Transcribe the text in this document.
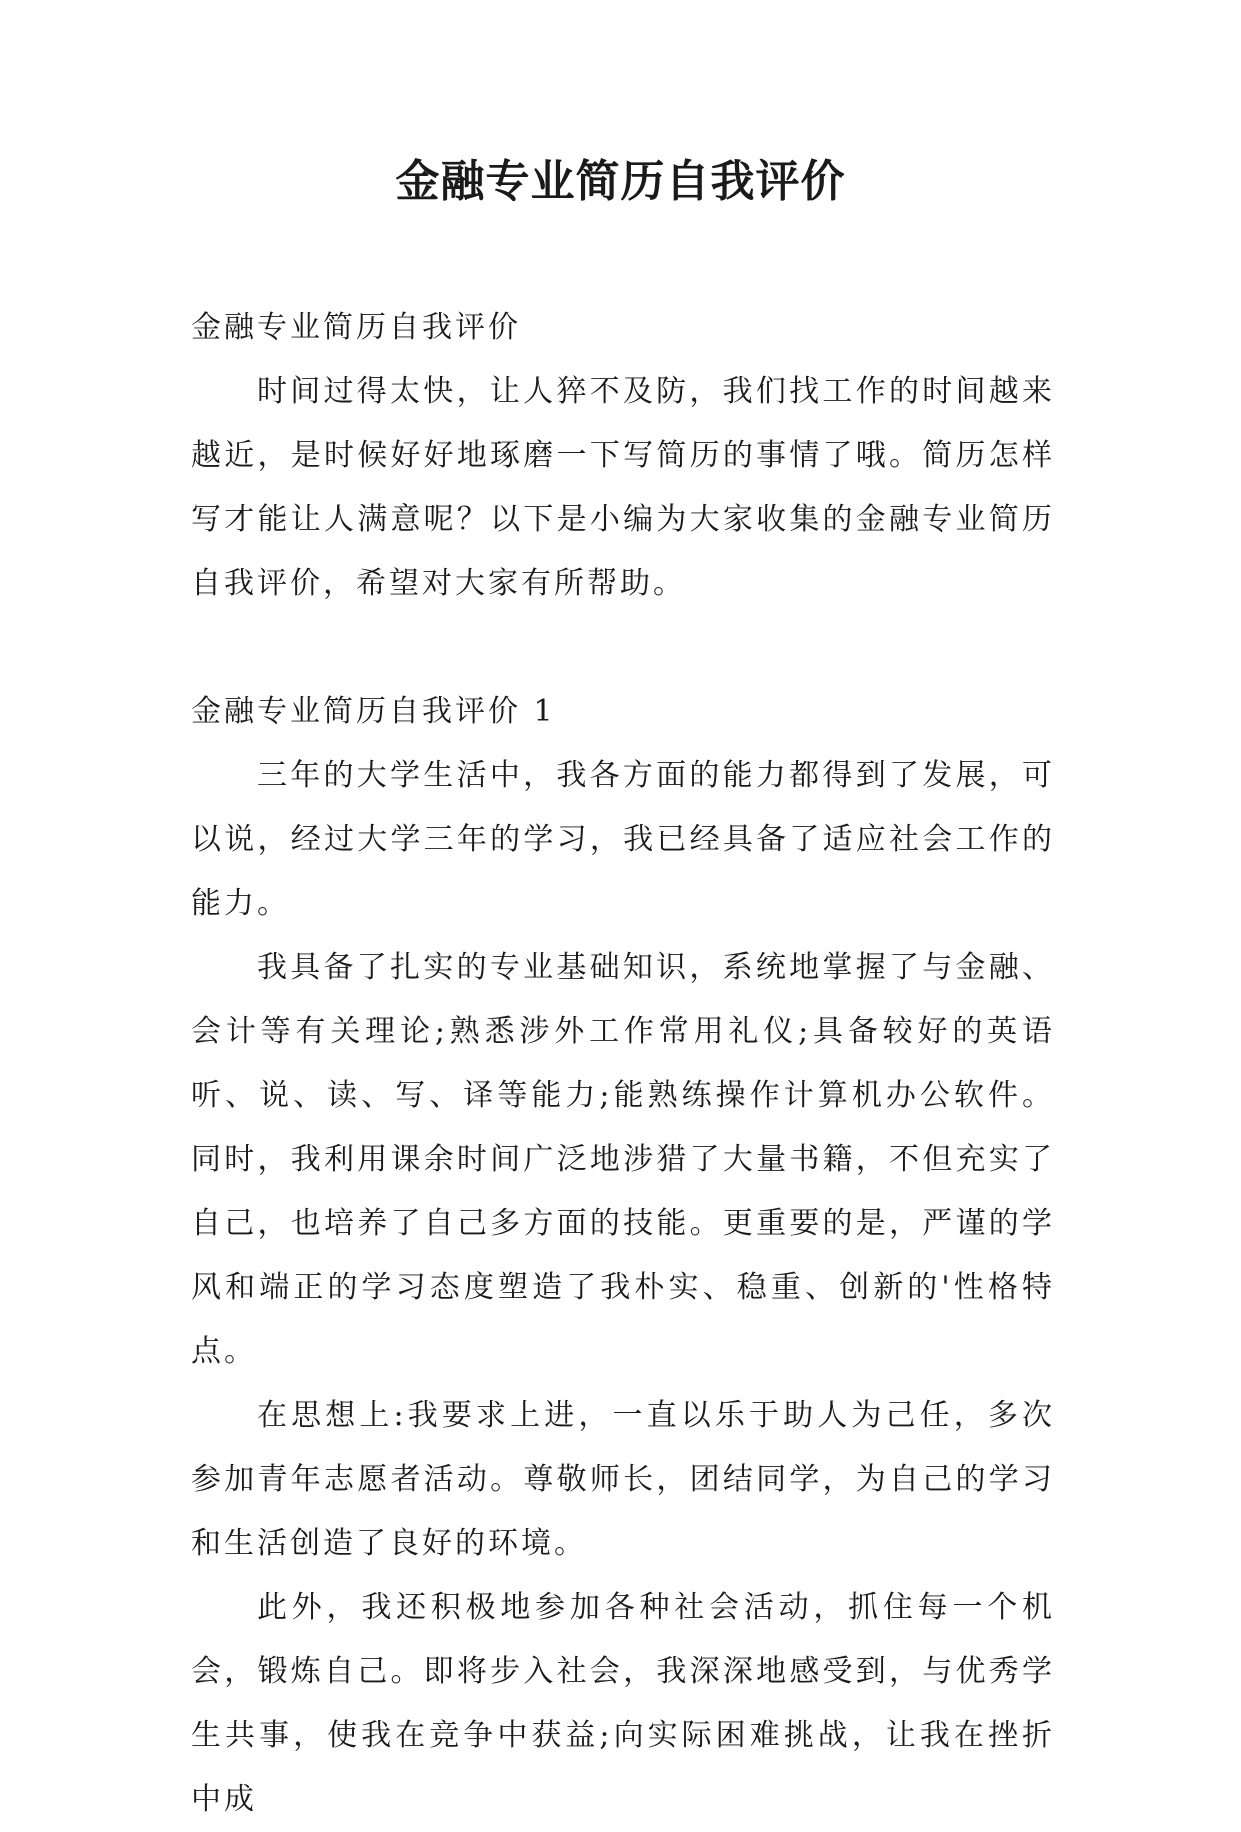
金融专业简历自我评价

金融专业简历自我评价

时间过得太快，让人猝不及防，我们找工作的时间越来越近，是时候好好地琢磨一下写简历的事情了哦。简历怎样写才能让人满意呢？以下是小编为大家收集的金融专业简历自我评价，希望对大家有所帮助。

金融专业简历自我评价 1

三年的大学生活中，我各方面的能力都得到了发展，可以说，经过大学三年的学习，我已经具备了适应社会工作的能力。

我具备了扎实的专业基础知识，系统地掌握了与金融、会计等有关理论;熟悉涉外工作常用礼仪;具备较好的英语听、说、读、写、译等能力;能熟练操作计算机办公软件。同时，我利用课余时间广泛地涉猎了大量书籍，不但充实了自己，也培养了自己多方面的技能。更重要的是，严谨的学风和端正的学习态度塑造了我朴实、稳重、创新的'性格特点。

在思想上:我要求上进，一直以乐于助人为己任，多次参加青年志愿者活动。尊敬师长，团结同学，为自己的学习和生活创造了良好的环境。

此外，我还积极地参加各种社会活动，抓住每一个机会，锻炼自己。即将步入社会，我深深地感受到，与优秀学生共事，使我在竞争中获益;向实际困难挑战，让我在挫折中成
